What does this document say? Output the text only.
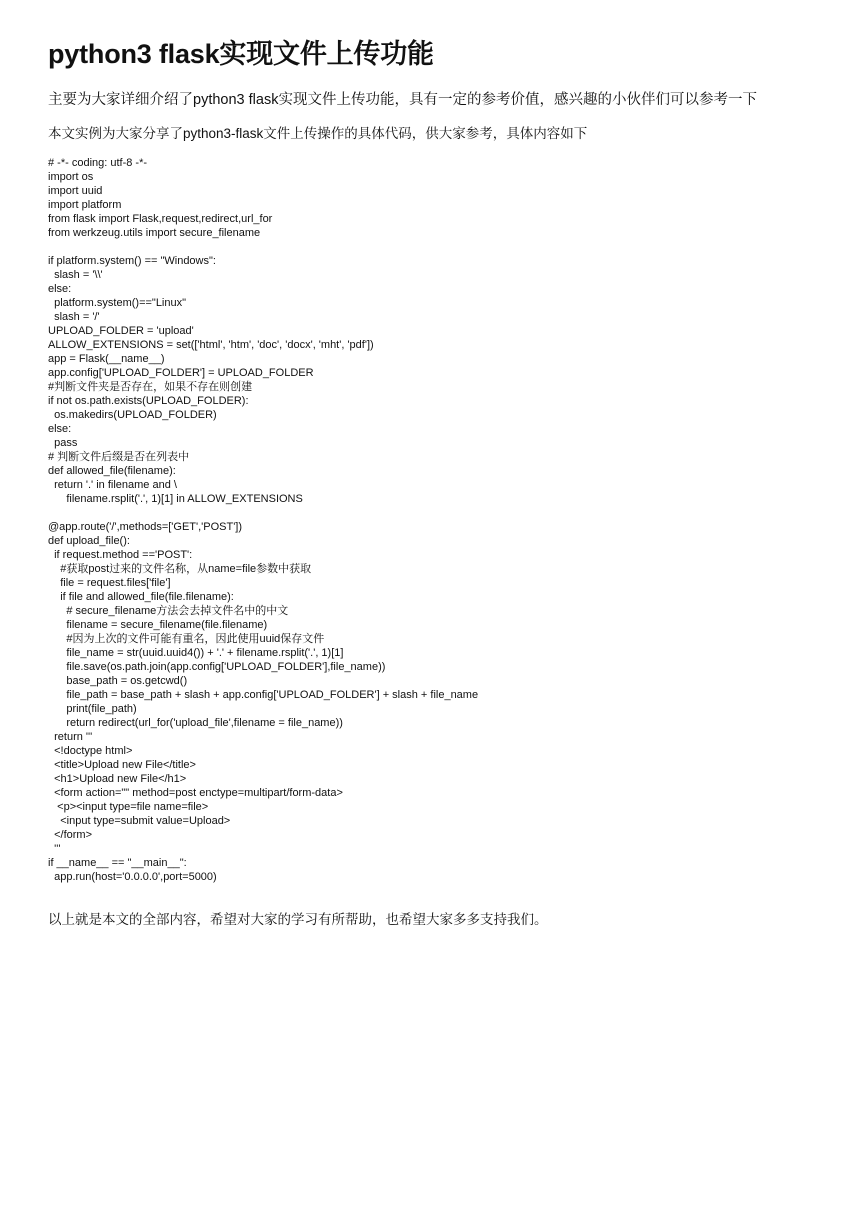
python3 flask实现文件上传功能

主要为大家详细介绍了python3 flask实现文件上传功能，具有一定的参考价值，感兴趣的小伙伴们可以参考一下

本文实例为大家分享了python3-flask文件上传操作的具体代码，供大家参考，具体内容如下

# -*- coding: utf-8 -*-
import os
import uuid
import platform
from flask import Flask,request,redirect,url_for
from werkzeug.utils import secure_filename
if platform.system() == "Windows":
slash = '\\'
else:
platform.system()=="Linux"
slash = '/'
UPLOAD_FOLDER = 'upload'
ALLOW_EXTENSIONS = set(['html', 'htm', 'doc', 'docx', 'mht', 'pdf'])
app = Flask(__name__)
app.config['UPLOAD_FOLDER'] = UPLOAD_FOLDER
#判断文件夹是否存在，如果不存在则创建
if not os.path.exists(UPLOAD_FOLDER):
os.makedirs(UPLOAD_FOLDER)
else:
pass
# 判断文件后缀是否在列表中
def allowed_file(filename):
return '.' in filename and \
filename.rsplit('.', 1)[1] in ALLOW_EXTENSIONS
@app.route('/',methods=['GET','POST'])
def upload_file():
if request.method =='POST':
#获取post过来的文件名称，从name=file参数中获取
file = request.files['file']
if file and allowed_file(file.filename):
# secure_filename方法会去掉文件名中的中文
filename = secure_filename(file.filename)
#因为上次的文件可能有重名，因此使用uuid保存文件
file_name = str(uuid.uuid4()) + '.' + filename.rsplit('.', 1)[1]
file.save(os.path.join(app.config['UPLOAD_FOLDER'],file_name))
base_path = os.getcwd()
file_path = base_path + slash + app.config['UPLOAD_FOLDER'] + slash + file_name
print(file_path)
return redirect(url_for('upload_file',filename = file_name))
return '''
<!doctype html>
<title>Upload new File</title>
<h1>Upload new File</h1>
<form action="" method=post enctype=multipart/form-data>
<p><input type=file name=file>
<input type=submit value=Upload>
</form>
'''
if __name__ == "__main__":
app.run(host='0.0.0.0',port=5000)

以上就是本文的全部内容，希望对大家的学习有所帮助，也希望大家多多支持我们。
